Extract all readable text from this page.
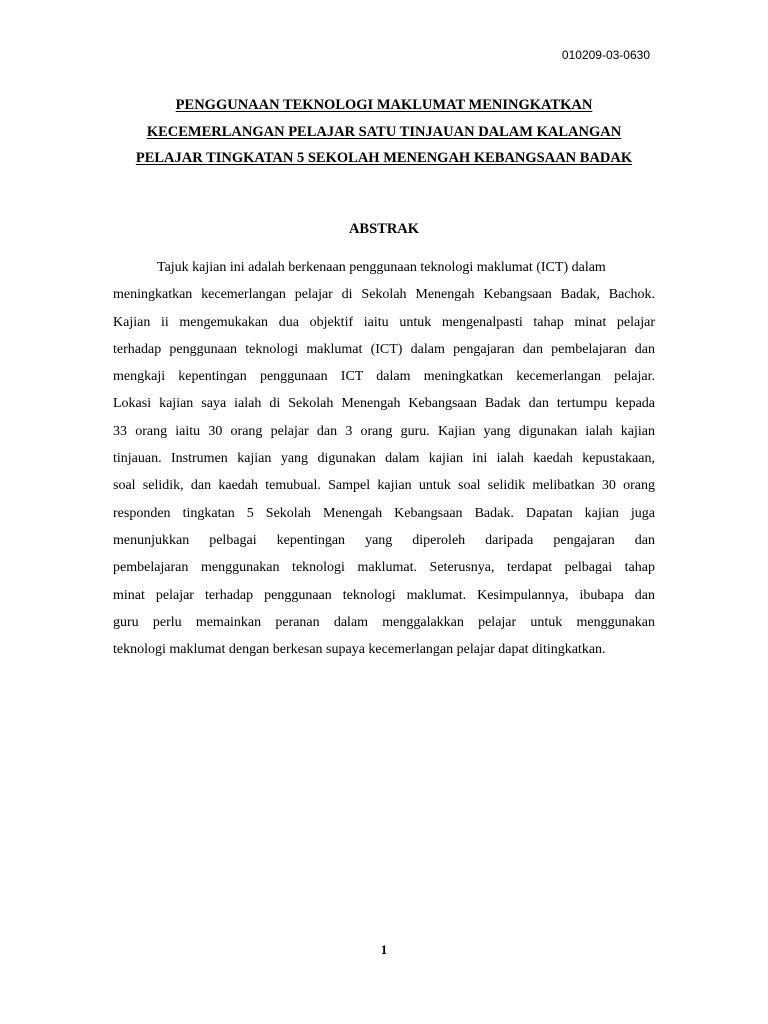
010209-03-0630
PENGGUNAAN TEKNOLOGI MAKLUMAT MENINGKATKAN
KECEMERLANGAN PELAJAR SATU TINJAUAN DALAM KALANGAN
PELAJAR TINGKATAN 5 SEKOLAH MENENGAH KEBANGSAAN BADAK
ABSTRAK
Tajuk kajian ini adalah berkenaan penggunaan teknologi maklumat (ICT) dalam
meningkatkan kecemerlangan pelajar di Sekolah Menengah Kebangsaan Badak, Bachok.
Kajian ii mengemukakan dua objektif iaitu untuk mengenalpasti tahap minat pelajar
terhadap penggunaan teknologi maklumat (ICT) dalam pengajaran dan pembelajaran dan
mengkaji kepentingan penggunaan ICT dalam meningkatkan kecemerlangan pelajar.
Lokasi kajian saya ialah di Sekolah Menengah Kebangsaan Badak dan tertumpu kepada
33 orang iaitu 30 orang pelajar dan 3 orang guru. Kajian yang digunakan ialah kajian
tinjauan. Instrumen kajian yang digunakan dalam kajian ini ialah kaedah kepustakaan,
soal selidik, dan kaedah temubual. Sampel kajian untuk soal selidik melibatkan 30 orang
responden tingkatan 5 Sekolah Menengah Kebangsaan Badak. Dapatan kajian juga
menunjukkan pelbagai kepentingan yang diperoleh daripada pengajaran dan
pembelajaran menggunakan teknologi maklumat. Seterusnya, terdapat pelbagai tahap
minat pelajar terhadap penggunaan teknologi maklumat. Kesimpulannya, ibubapa dan
guru perlu memainkan peranan dalam menggalakkan pelajar untuk menggunakan
teknologi maklumat dengan berkesan supaya kecemerlangan pelajar dapat ditingkatkan.
1
